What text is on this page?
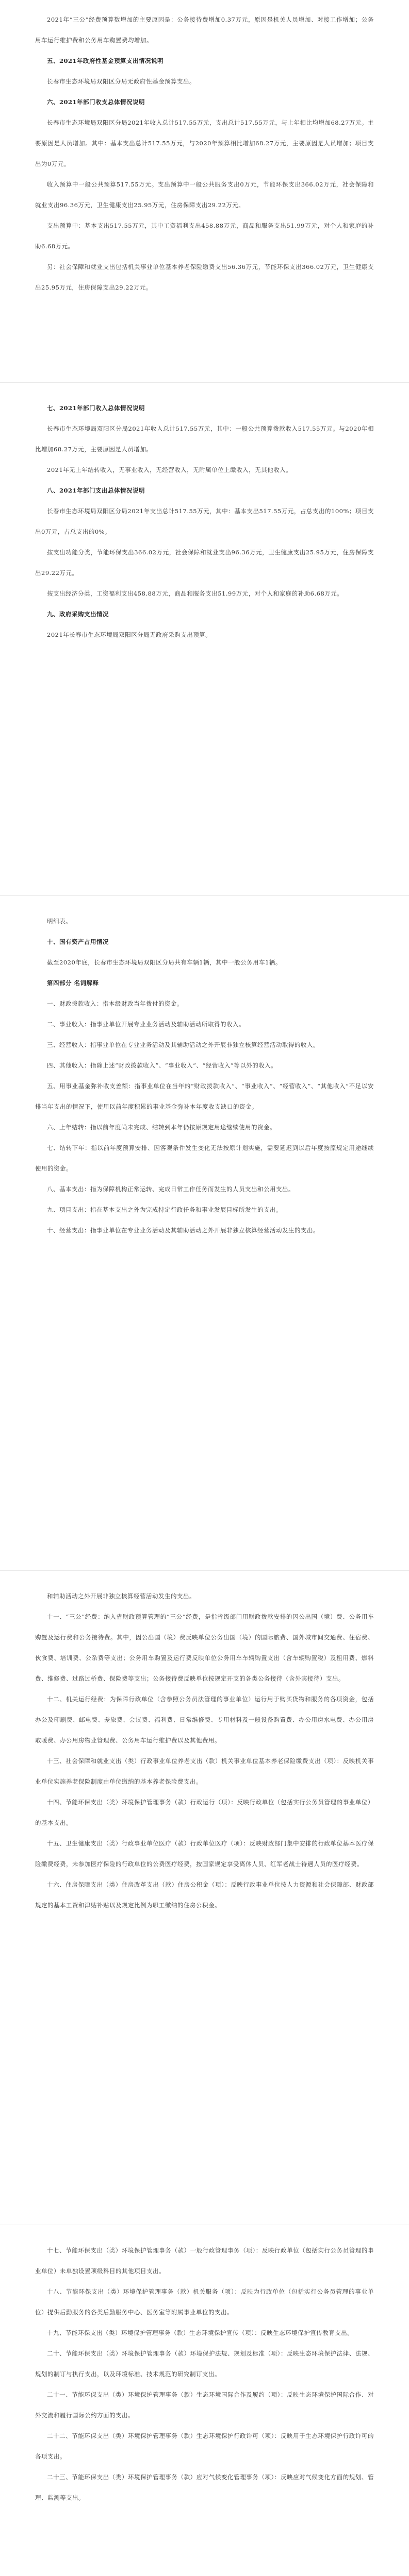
2021年“三公”经费预算数增加的主要原因是：公务接待费增加0.37万元，原因是机关人员增加、对接工作增加；公务用车运行维护费和公务用车购置费均增加。

五、2021年政府性基金预算支出情况说明

长春市生态环境局双阳区分局无政府性基金预算支出。

六、2021年部门收支总体情况说明

长春市生态环境局双阳区分局2021年收入总计517.55万元，支出总计517.55万元，与上年相比均增加68.27万元。主要原因是人员增加。其中：基本支出总计517.55万元，与2020年预算相比增加68.27万元，主要原因是人员增加；项目支出为0万元。

收入预算中一般公共预算517.55万元。支出预算中一般公共服务支出0万元，节能环保支出366.02万元，社会保障和就业支出96.36万元，卫生健康支出25.95万元，住房保障支出29.22万元。

支出预算中：基本支出517.55万元，其中工资福利支出458.88万元，商品和服务支出51.99万元，对个人和家庭的补助6.68万元。

另：社会保障和就业支出包括机关事业单位基本养老保险缴费支出56.36万元，节能环保支出366.02万元，卫生健康支出25.95万元，住房保障支出29.22万元。

七、2021年部门收入总体情况说明

长春市生态环境局双阳区分局2021年收入总计517.55万元，其中：一般公共预算拨款收入517.55万元。与2020年相比增加68.27万元，主要原因是人员增加。

2021年无上年结转收入，无事业收入，无经营收入，无附属单位上缴收入，无其他收入。

八、2021年部门支出总体情况说明

长春市生态环境局双阳区分局2021年支出总计517.55万元，其中：基本支出517.55万元，占总支出的100%；项目支出0万元，占总支出的0%。

按支出功能分类，节能环保支出366.02万元，社会保障和就业支出96.36万元，卫生健康支出25.95万元，住房保障支出29.22万元。

按支出经济分类，工资福利支出458.88万元，商品和服务支出51.99万元，对个人和家庭的补助6.68万元。

九、政府采购支出情况

2021年长春市生态环境局双阳区分局无政府采购支出预算。

明细表。

十、国有资产占用情况

截至2020年底，长春市生态环境局双阳区分局共有车辆1辆，其中一般公务用车1辆。

第四部分 名词解释

一、财政拨款收入：指本级财政当年拨付的资金。

二、事业收入：指事业单位开展专业业务活动及辅助活动所取得的收入。

三、经营收入：指事业单位在专业业务活动及其辅助活动之外开展非独立核算经营活动取得的收入。

四、其他收入：指除上述“财政拨款收入”、“事业收入”、“经营收入”等以外的收入。

五、用事业基金弥补收支差额：指事业单位在当年的“财政拨款收入”、“事业收入”、“经营收入”、“其他收入”不足以安排当年支出的情况下，使用以前年度积累的事业基金弥补本年度收支缺口的资金。

六、上年结转：指以前年度尚未完成、结转到本年仍按原规定用途继续使用的资金。

七、结转下年：指以前年度预算安排、因客观条件发生变化无法按原计划实施，需要延迟到以后年度按原规定用途继续使用的资金。

八、基本支出：指为保障机构正常运转、完成日常工作任务而发生的人员支出和公用支出。

九、项目支出：指在基本支出之外为完成特定行政任务和事业发展目标所发生的支出。

十、经营支出：指事业单位在专业业务活动及其辅助活动之外开展非独立核算经营活动发生的支出。

和辅助活动之外开展非独立核算经营活动发生的支出。

十一、“三公”经费：纳入省财政预算管理的“三公”经费，是指省级部门用财政拨款安排的因公出国（境）费、公务用车购置及运行费和公务接待费。其中，因公出国（境）费反映单位公务出国（境）的国际旅费、国外城市间交通费、住宿费、伙食费、培训费、公杂费等支出；公务用车购置及运行费反映单位公务用车车辆购置支出（含车辆购置税）及租用费、燃料费、维修费、过路过桥费、保险费等支出；公务接待费反映单位按规定开支的各类公务接待（含外宾接待）支出。

十二、机关运行经费：为保障行政单位（含参照公务员法管理的事业单位）运行用于购买货物和服务的各项资金，包括办公及印刷费、邮电费、差旅费、会议费、福利费、日常维修费、专用材料及一般设备购置费、办公用房水电费、办公用房取暖费、办公用房物业管理费、公务用车运行维护费以及其他费用。

十三、社会保障和就业支出（类）行政事业单位养老支出（款）机关事业单位基本养老保险缴费支出（项）：反映机关事业单位实施养老保险制度由单位缴纳的基本养老保险费支出。

十四、节能环保支出（类）环境保护管理事务（款）行政运行（项）：反映行政单位（包括实行公务员管理的事业单位）的基本支出。

十五、卫生健康支出（类）行政事业单位医疗（款）行政单位医疗（项）：反映财政部门集中安排的行政单位基本医疗保险缴费经费，未参加医疗保险的行政单位的公费医疗经费，按国家规定享受离休人员、红军老战士待遇人员的医疗经费。

十六、住房保障支出（类）住房改革支出（款）住房公积金（项）：反映行政事业单位按人力资源和社会保障部、财政部规定的基本工资和津贴补贴以及规定比例为职工缴纳的住房公积金。

十七、节能环保支出（类）环境保护管理事务（款）一般行政管理事务（项）：反映行政单位（包括实行公务员管理的事业单位）未单独设置项级科目的其他项目支出。

十八、节能环保支出（类）环境保护管理事务（款）机关服务（项）：反映为行政单位（包括实行公务员管理的事业单位）提供后勤服务的各类后勤服务中心、医务室等附属事业单位的支出。

十九、节能环保支出（类）环境保护管理事务（款）生态环境保护宣传（项）：反映生态环境保护宣传教育支出。

二十、节能环保支出（类）环境保护管理事务（款）环境保护法规、规划及标准（项）：反映生态环境保护法律、法规、规划的制订与执行支出，以及环境标准、技术规范的研究制订支出。

二十一、节能环保支出（类）环境保护管理事务（款）生态环境国际合作及履约（项）：反映生态环境保护国际合作、对外交流和履行国际公约方面的支出。

二十二、节能环保支出（类）环境保护管理事务（款）生态环境保护行政许可（项）：反映用于生态环境保护行政许可的各项支出。

二十三、节能环保支出（类）环境保护管理事务（款）应对气候变化管理事务（项）：反映应对气候变化方面的规划、管理、监测等支出。
